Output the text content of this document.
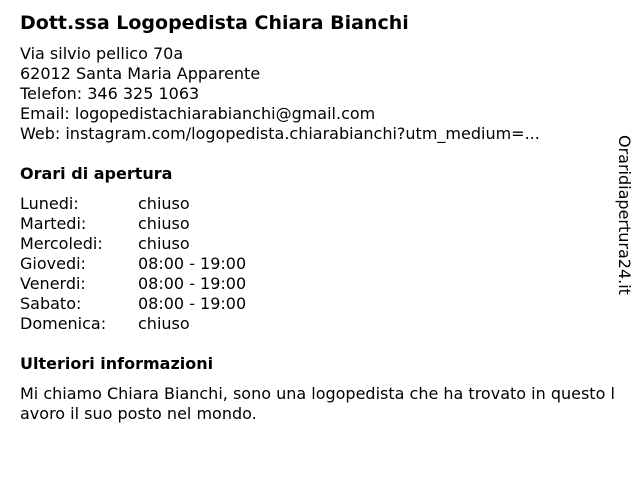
Dott.ssa Logopedista Chiara Bianchi
Via silvio pellico 70a
62012 Santa Maria Apparente
Telefon: 346 325 1063
Email: logopedistachiarabianchi@gmail.com
Web: instagram.com/logopedista.chiarabianchi?utm_medium=...
Orari di apertura
Lunedi:	chiuso
Martedi:	chiuso
Mercoledi:	chiuso
Giovedi:	08:00 - 19:00
Venerdi:	08:00 - 19:00
Sabato:	08:00 - 19:00
Domenica:	chiuso
Ulteriori informazioni
Mi chiamo Chiara Bianchi, sono una logopedista che ha trovato in questo lavoro il suo posto nel mondo.
Oraridiapertura24.it
